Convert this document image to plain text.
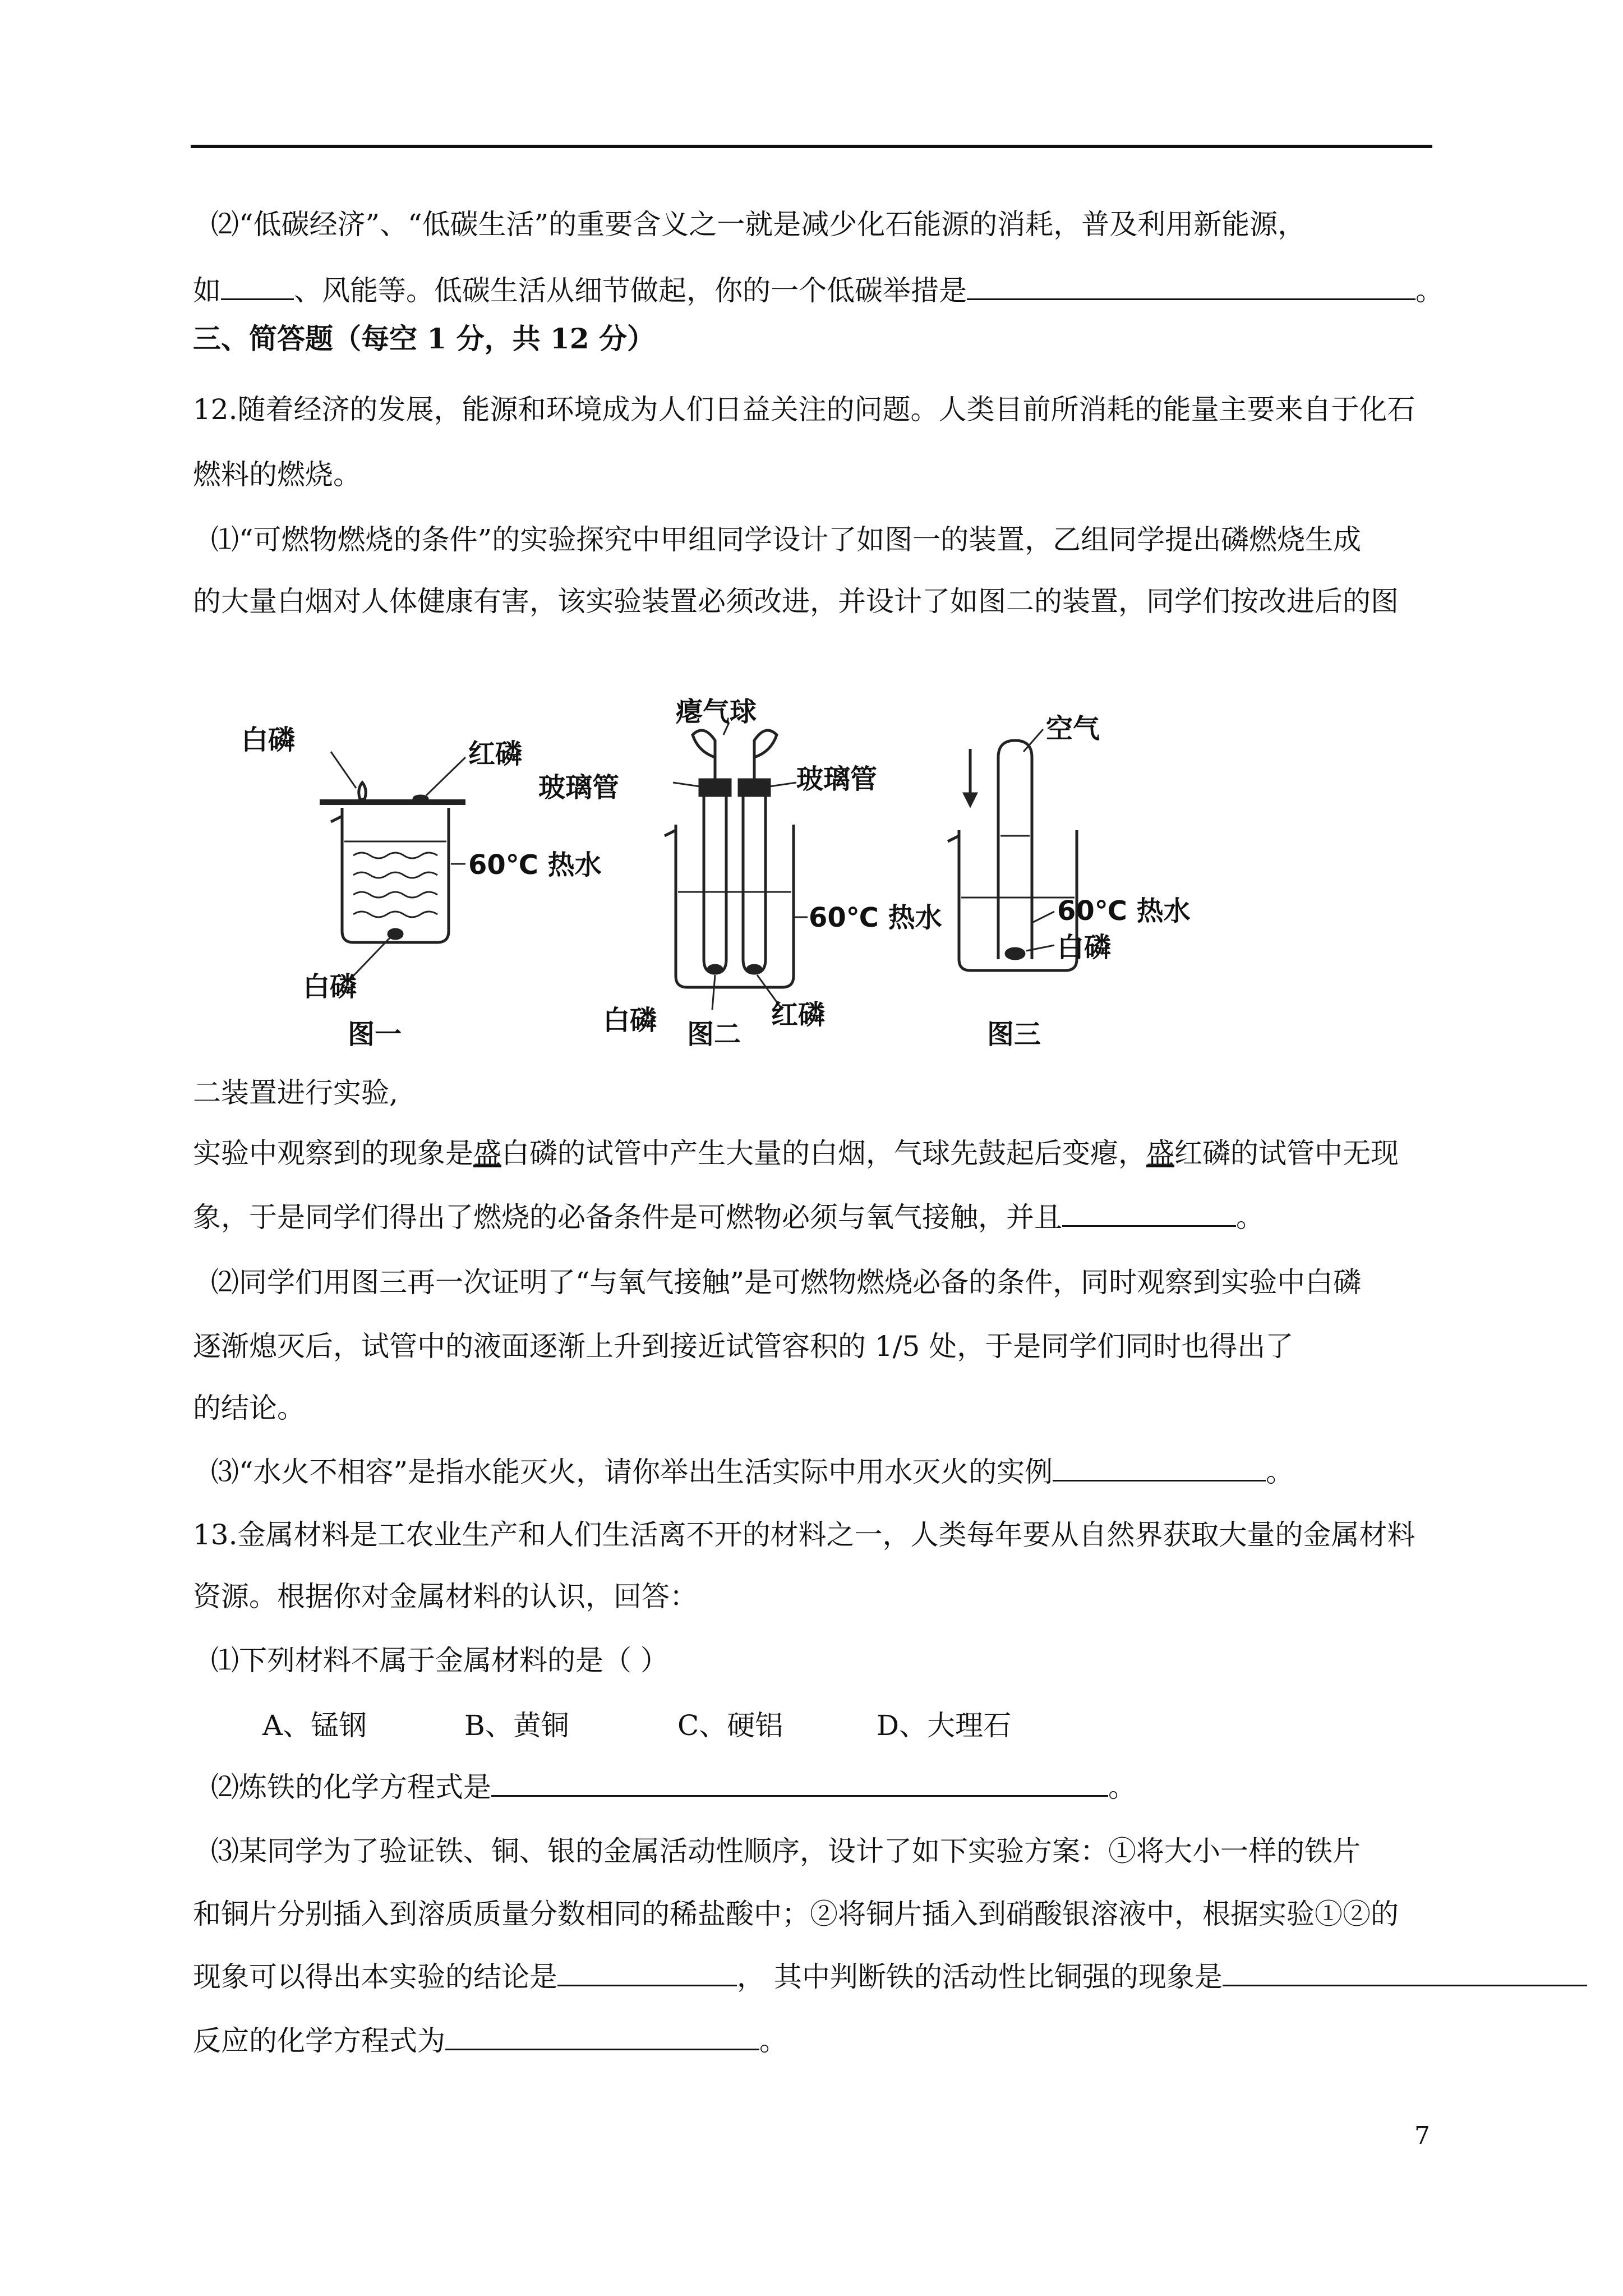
⑵“低碳经济”、“低碳生活”的重要含义之一就是减少化石能源的消耗，普及利用新能源，
如	、风能等。低碳生活从细节做起，你的一个低碳举措是	。
三、简答题（每空 1 分，共 12 分）
12.随着经济的发展，能源和环境成为人们日益关注的问题。人类目前所消耗的能量主要来自于化石
燃料的燃烧。
⑴“可燃物燃烧的条件”的实验探究中甲组同学设计了如图一的装置，乙组同学提出磷燃烧生成
的大量白烟对人体健康有害，该实验装置必须改进，并设计了如图二的装置，同学们按改进后的图
白磷	红磷
60℃ 热水
白磷
图一
瘪气球
玻璃管	玻璃管
60℃ 热水
白磷	红磷
图二
空气
60℃ 热水
白磷
图三
二装置进行实验,
实验中观察到的现象是盛白磷的试管中产生大量的白烟，气球先鼓起后变瘪，盛红磷的试管中无现
象，于是同学们得出了燃烧的必备条件是可燃物必须与氧气接触，并且	。
⑵同学们用图三再一次证明了“与氧气接触”是可燃物燃烧必备的条件，同时观察到实验中白磷
逐渐熄灭后，试管中的液面逐渐上升到接近试管容积的 1/5 处，于是同学们同时也得出了
的结论。
⑶“水火不相容”是指水能灭火，请你举出生活实际中用水灭火的实例	。
13.金属材料是工农业生产和人们生活离不开的材料之一，人类每年要从自然界获取大量的金属材料
资源。根据你对金属材料的认识，回答：
⑴下列材料不属于金属材料的是（ ）
A、锰钢	B、黄铜	C、硬铝	D、大理石
⑵炼铁的化学方程式是	。
⑶某同学为了验证铁、铜、银的金属活动性顺序，设计了如下实验方案：①将大小一样的铁片
和铜片分别插入到溶质质量分数相同的稀盐酸中；②将铜片插入到硝酸银溶液中，根据实验①②的
现象可以得出本实验的结论是	， 其中判断铁的活动性比铜强的现象是
反应的化学方程式为	。
7
